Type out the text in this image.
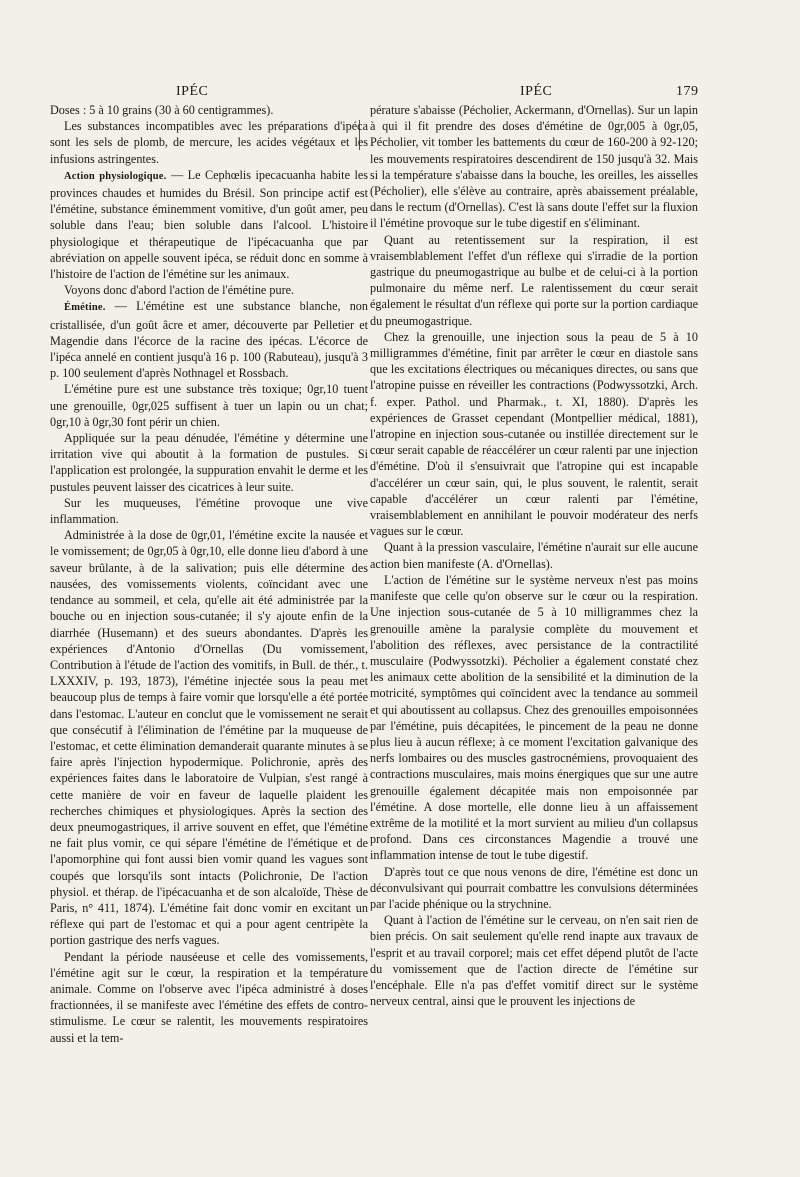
IPÉC	IPÉC	179

Doses : 5 à 10 grains (30 à 60 centigrammes).

Les substances incompatibles avec les préparations d'ipéca sont les sels de plomb, de mercure, les acides végétaux et les infusions astringentes.

Action physiologique. — Le Cephœlis ipecacuanha habite les provinces chaudes et humides du Brésil. Son principe actif est l'émétine, substance éminemment vomitive, d'un goût amer, peu soluble dans l'eau; bien soluble dans l'alcool. L'histoire physiologique et thérapeutique de l'ipécacuanha que par abréviation on appelle souvent ipéca, se réduit donc en somme à l'histoire de l'action de l'émétine sur les animaux.

Voyons donc d'abord l'action de l'émétine pure.

Émétine. — L'émétine est une substance blanche, non cristallisée, d'un goût âcre et amer, découverte par Pelletier et Magendie dans l'écorce de la racine des ipécas. L'écorce de l'ipéca annelé en contient jusqu'à 16 p. 100 (Rabuteau), jusqu'à 3 p. 100 seulement d'après Nothnagel et Rossbach.

L'émétine pure est une substance très toxique; 0gr,10 tuent une grenouille, 0gr,025 suffisent à tuer un lapin ou un chat; 0gr,10 à 0gr,30 font périr un chien.

Appliquée sur la peau dénudée, l'émétine y détermine une irritation vive qui aboutit à la formation de pustules. Si l'application est prolongée, la suppuration envahit le derme et les pustules peuvent laisser des cicatrices à leur suite.

Sur les muqueuses, l'émétine provoque une vive inflammation.

Administrée à la dose de 0gr,01, l'émétine excite la nausée et le vomissement; de 0gr,05 à 0gr,10, elle donne lieu d'abord à une saveur brûlante, à de la salivation; puis elle détermine des nausées, des vomissements violents, coïncidant avec une tendance au sommeil, et cela, qu'elle ait été administrée par la bouche ou en injection sous-cutanée; il s'y ajoute enfin de la diarrhée (Husemann) et des sueurs abondantes. D'après les expériences d'Antonio d'Ornellas (Du vomissement, Contribution à l'étude de l'action des vomitifs, in Bull. de thér., t. LXXXIV, p. 193, 1873), l'émétine injectée sous la peau met beaucoup plus de temps à faire vomir que lorsqu'elle a été portée dans l'estomac. L'auteur en conclut que le vomissement ne serait que consécutif à l'élimination de l'émétine par la muqueuse de l'estomac, et cette élimination demanderait quarante minutes à se faire après l'injection hypodermique. Polichronie, après des expériences faites dans le laboratoire de Vulpian, s'est rangé à cette manière de voir en faveur de laquelle plaident les recherches chimiques et physiologiques. Après la section des deux pneumogastriques, il arrive souvent en effet, que l'émétine ne fait plus vomir, ce qui sépare l'émétine de l'émétique et de l'apomorphine qui font aussi bien vomir quand les vagues sont coupés que lorsqu'ils sont intacts (Polichronie, De l'action physiol. et thérap. de l'ipécacuanha et de son alcaloïde, Thèse de Paris, n° 411, 1874). L'émétine fait donc vomir en excitant un réflexe qui part de l'estomac et qui a pour agent centripète la portion gastrique des nerfs vagues.

Pendant la période nauséeuse et celle des vomissements, l'émétine agit sur le cœur, la respiration et la température animale. Comme on l'observe avec l'ipéca administré à doses fractionnées, il se manifeste avec l'émétine des effets de contro-stimulisme. Le cœur se ralentit, les mouvements respiratoires aussi et la tem-

pérature s'abaisse (Pécholier, Ackermann, d'Ornellas). Sur un lapin à qui il fit prendre des doses d'émétine de 0gr,005 à 0gr,05, Pécholier, vit tomber les battements du cœur de 160-200 à 92-120; les mouvements respiratoires descendirent de 150 jusqu'à 32. Mais si la température s'abaisse dans la bouche, les oreilles, les aisselles (Pécholier), elle s'élève au contraire, après abaissement préalable, dans le rectum (d'Ornellas). C'est là sans doute l'effet sur la fluxion il l'émétine provoque sur le tube digestif en s'éliminant.

Quant au retentissement sur la respiration, il est vraisemblablement l'effet d'un réflexe qui s'irradie de la portion gastrique du pneumogastrique au bulbe et de celui-ci à la portion pulmonaire du même nerf. Le ralentissement du cœur serait également le résultat d'un réflexe qui porte sur la portion cardiaque du pneumogastrique.

Chez la grenouille, une injection sous la peau de 5 à 10 milligrammes d'émétine, finit par arrêter le cœur en diastole sans que les excitations électriques ou mécaniques directes, ou sans que l'atropine puisse en réveiller les contractions (Podwyssotzki, Arch. f. exper. Pathol. und Pharmak., t. XI, 1880). D'après les expériences de Grasset cependant (Montpellier médical, 1881), l'atropine en injection sous-cutanée ou instillée directement sur le cœur serait capable de réaccélérer un cœur ralenti par une injection d'émétine. D'où il s'ensuivrait que l'atropine qui est incapable d'accélérer un cœur sain, qui, le plus souvent, le ralentit, serait capable d'accélérer un cœur ralenti par l'émétine, vraisemblablement en annihilant le pouvoir modérateur des nerfs vagues sur le cœur.

Quant à la pression vasculaire, l'émétine n'aurait sur elle aucune action bien manifeste (A. d'Ornellas).

L'action de l'émétine sur le système nerveux n'est pas moins manifeste que celle qu'on observe sur le cœur ou la respiration. Une injection sous-cutanée de 5 à 10 milligrammes chez la grenouille amène la paralysie complète du mouvement et l'abolition des réflexes, avec persistance de la contractilité musculaire (Podwyssotzki). Pécholier a également constaté chez les animaux cette abolition de la sensibilité et la diminution de la motricité, symptômes qui coïncident avec la tendance au sommeil et qui aboutissent au collapsus. Chez des grenouilles empoisonnées par l'émétine, puis décapitées, le pincement de la peau ne donne plus lieu à aucun réflexe; à ce moment l'excitation galvanique des nerfs lombaires ou des muscles gastrocnémiens, provoquaient des contractions musculaires, mais moins énergiques que sur une autre grenouille également décapitée mais non empoisonnée par l'émétine. A dose mortelle, elle donne lieu à un affaissement extrême de la motilité et la mort survient au milieu d'un collapsus profond. Dans ces circonstances Magendie a trouvé une inflammation intense de tout le tube digestif.

D'après tout ce que nous venons de dire, l'émétine est donc un déconvulsivant qui pourrait combattre les convulsions déterminées par l'acide phénique ou la strychnine.

Quant à l'action de l'émétine sur le cerveau, on n'en sait rien de bien précis. On sait seulement qu'elle rend inapte aux travaux de l'esprit et au travail corporel; mais cet effet dépend plutôt de l'acte du vomissement que de l'action directe de l'émétine sur l'encéphale. Elle n'a pas d'effet vomitif direct sur le système nerveux central, ainsi que le prouvent les injections de
